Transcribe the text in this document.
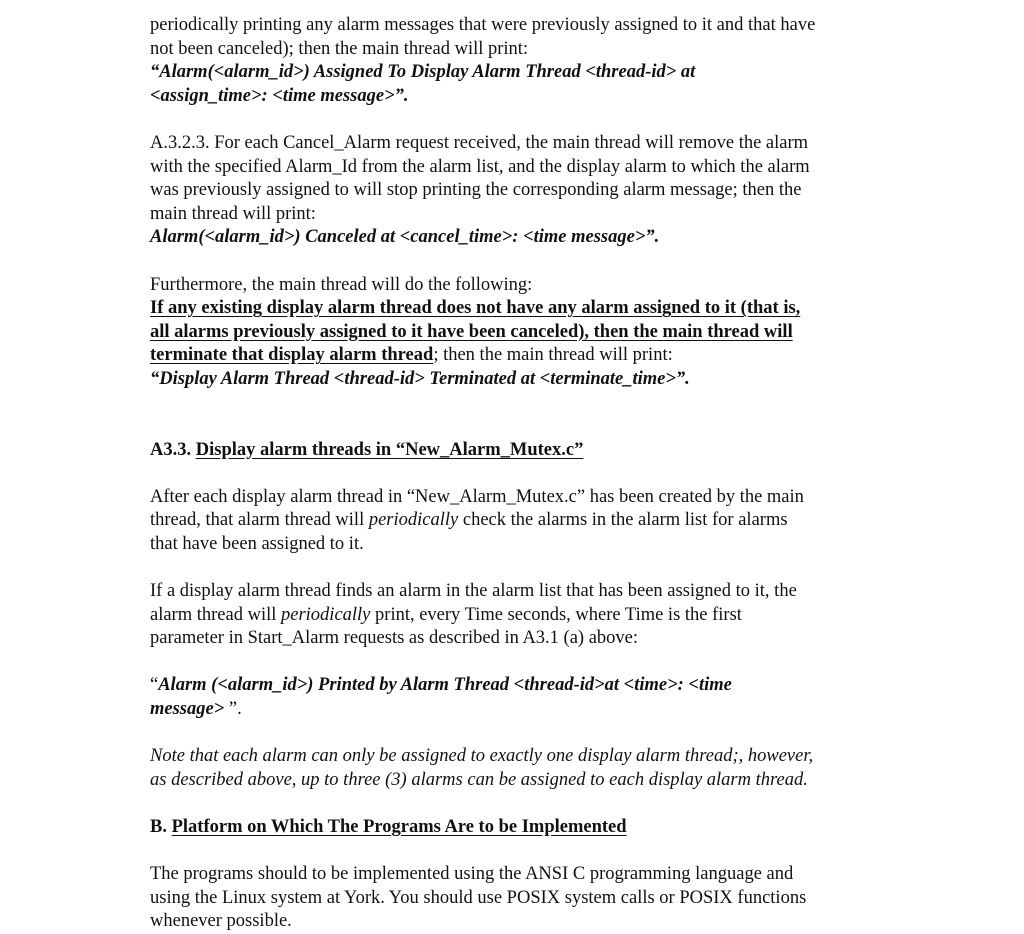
periodically printing any alarm messages that were previously assigned to it and that have
not been canceled); then the main thread will print:
“Alarm(<alarm_id>) Assigned To Display Alarm Thread <thread-id> at
<assign_time>: <time message>”.

A.3.2.3. For each Cancel_Alarm request received, the main thread will remove the alarm
with the specified Alarm_Id from the alarm list, and the display alarm to which the alarm
was previously assigned to will stop printing the corresponding alarm message; then the
main thread will print:
Alarm(<alarm_id>) Canceled at <cancel_time>: <time message>”.

Furthermore, the main thread will do the following:
If any existing display alarm thread does not have any alarm assigned to it (that is,
all alarms previously assigned to it have been canceled), then the main thread will
terminate that display alarm thread; then the main thread will print:
“Display Alarm Thread <thread-id> Terminated at <terminate_time>”.

A3.3. Display alarm threads in “New_Alarm_Mutex.c”

After each display alarm thread in “New_Alarm_Mutex.c” has been created by the main
thread, that alarm thread will periodically check the alarms in the alarm list for alarms
that have been assigned to it.

If a display alarm thread finds an alarm in the alarm list that has been assigned to it, the
alarm thread will periodically print, every Time seconds, where Time is the first
parameter in Start_Alarm requests as described in A3.1 (a) above:

“Alarm (<alarm_id>) Printed by Alarm Thread <thread-id>at <time>: <time
message> ”.

Note that each alarm can only be assigned to exactly one display alarm thread;, however,
as described above, up to three (3) alarms can be assigned to each display alarm thread.

B. Platform on Which The Programs Are to be Implemented

The programs should to be implemented using the ANSI C programming language and
using the Linux system at York. You should use POSIX system calls or POSIX functions
whenever possible.
